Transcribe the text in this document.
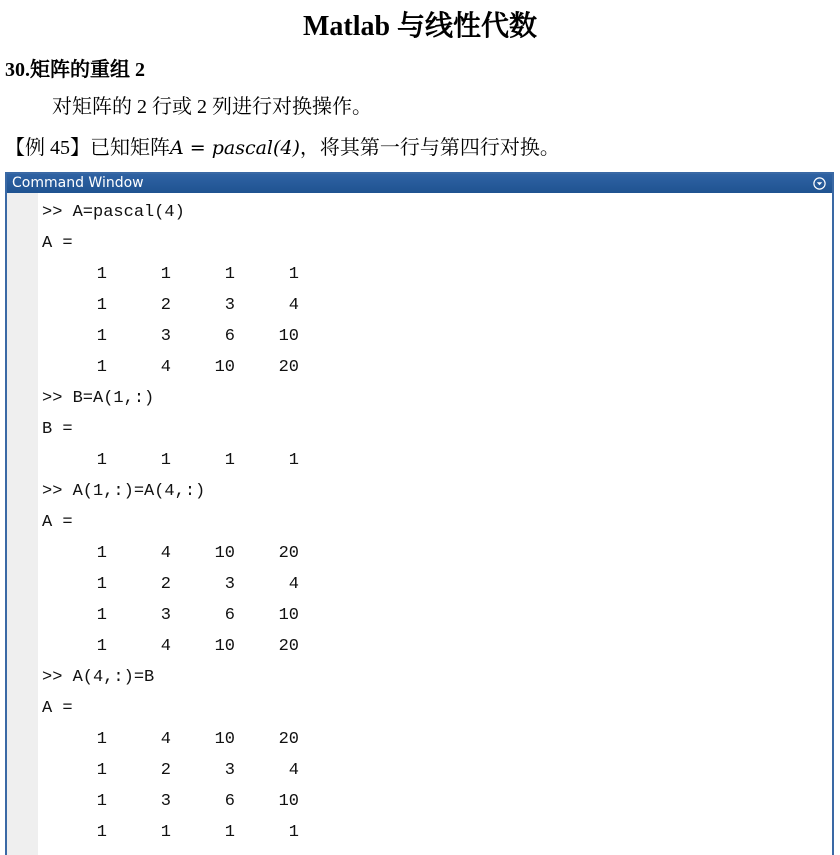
Matlab 与线性代数
30.矩阵的重组 2
对矩阵的 2 行或 2 列进行对换操作。
【例 45】已知矩阵A = pascal(4)，将其第一行与第四行对换。
Command Window
>> A=pascal(4)
A =
1	1	1	1
1	2	3	4
1	3	6	10
1	4	10	20
>> B=A(1,:)
B =
1	1	1	1
>> A(1,:)=A(4,:)
A =
1	4	10	20
1	2	3	4
1	3	6	10
1	4	10	20
>> A(4,:)=B
A =
1	4	10	20
1	2	3	4
1	3	6	10
1	1	1	1
